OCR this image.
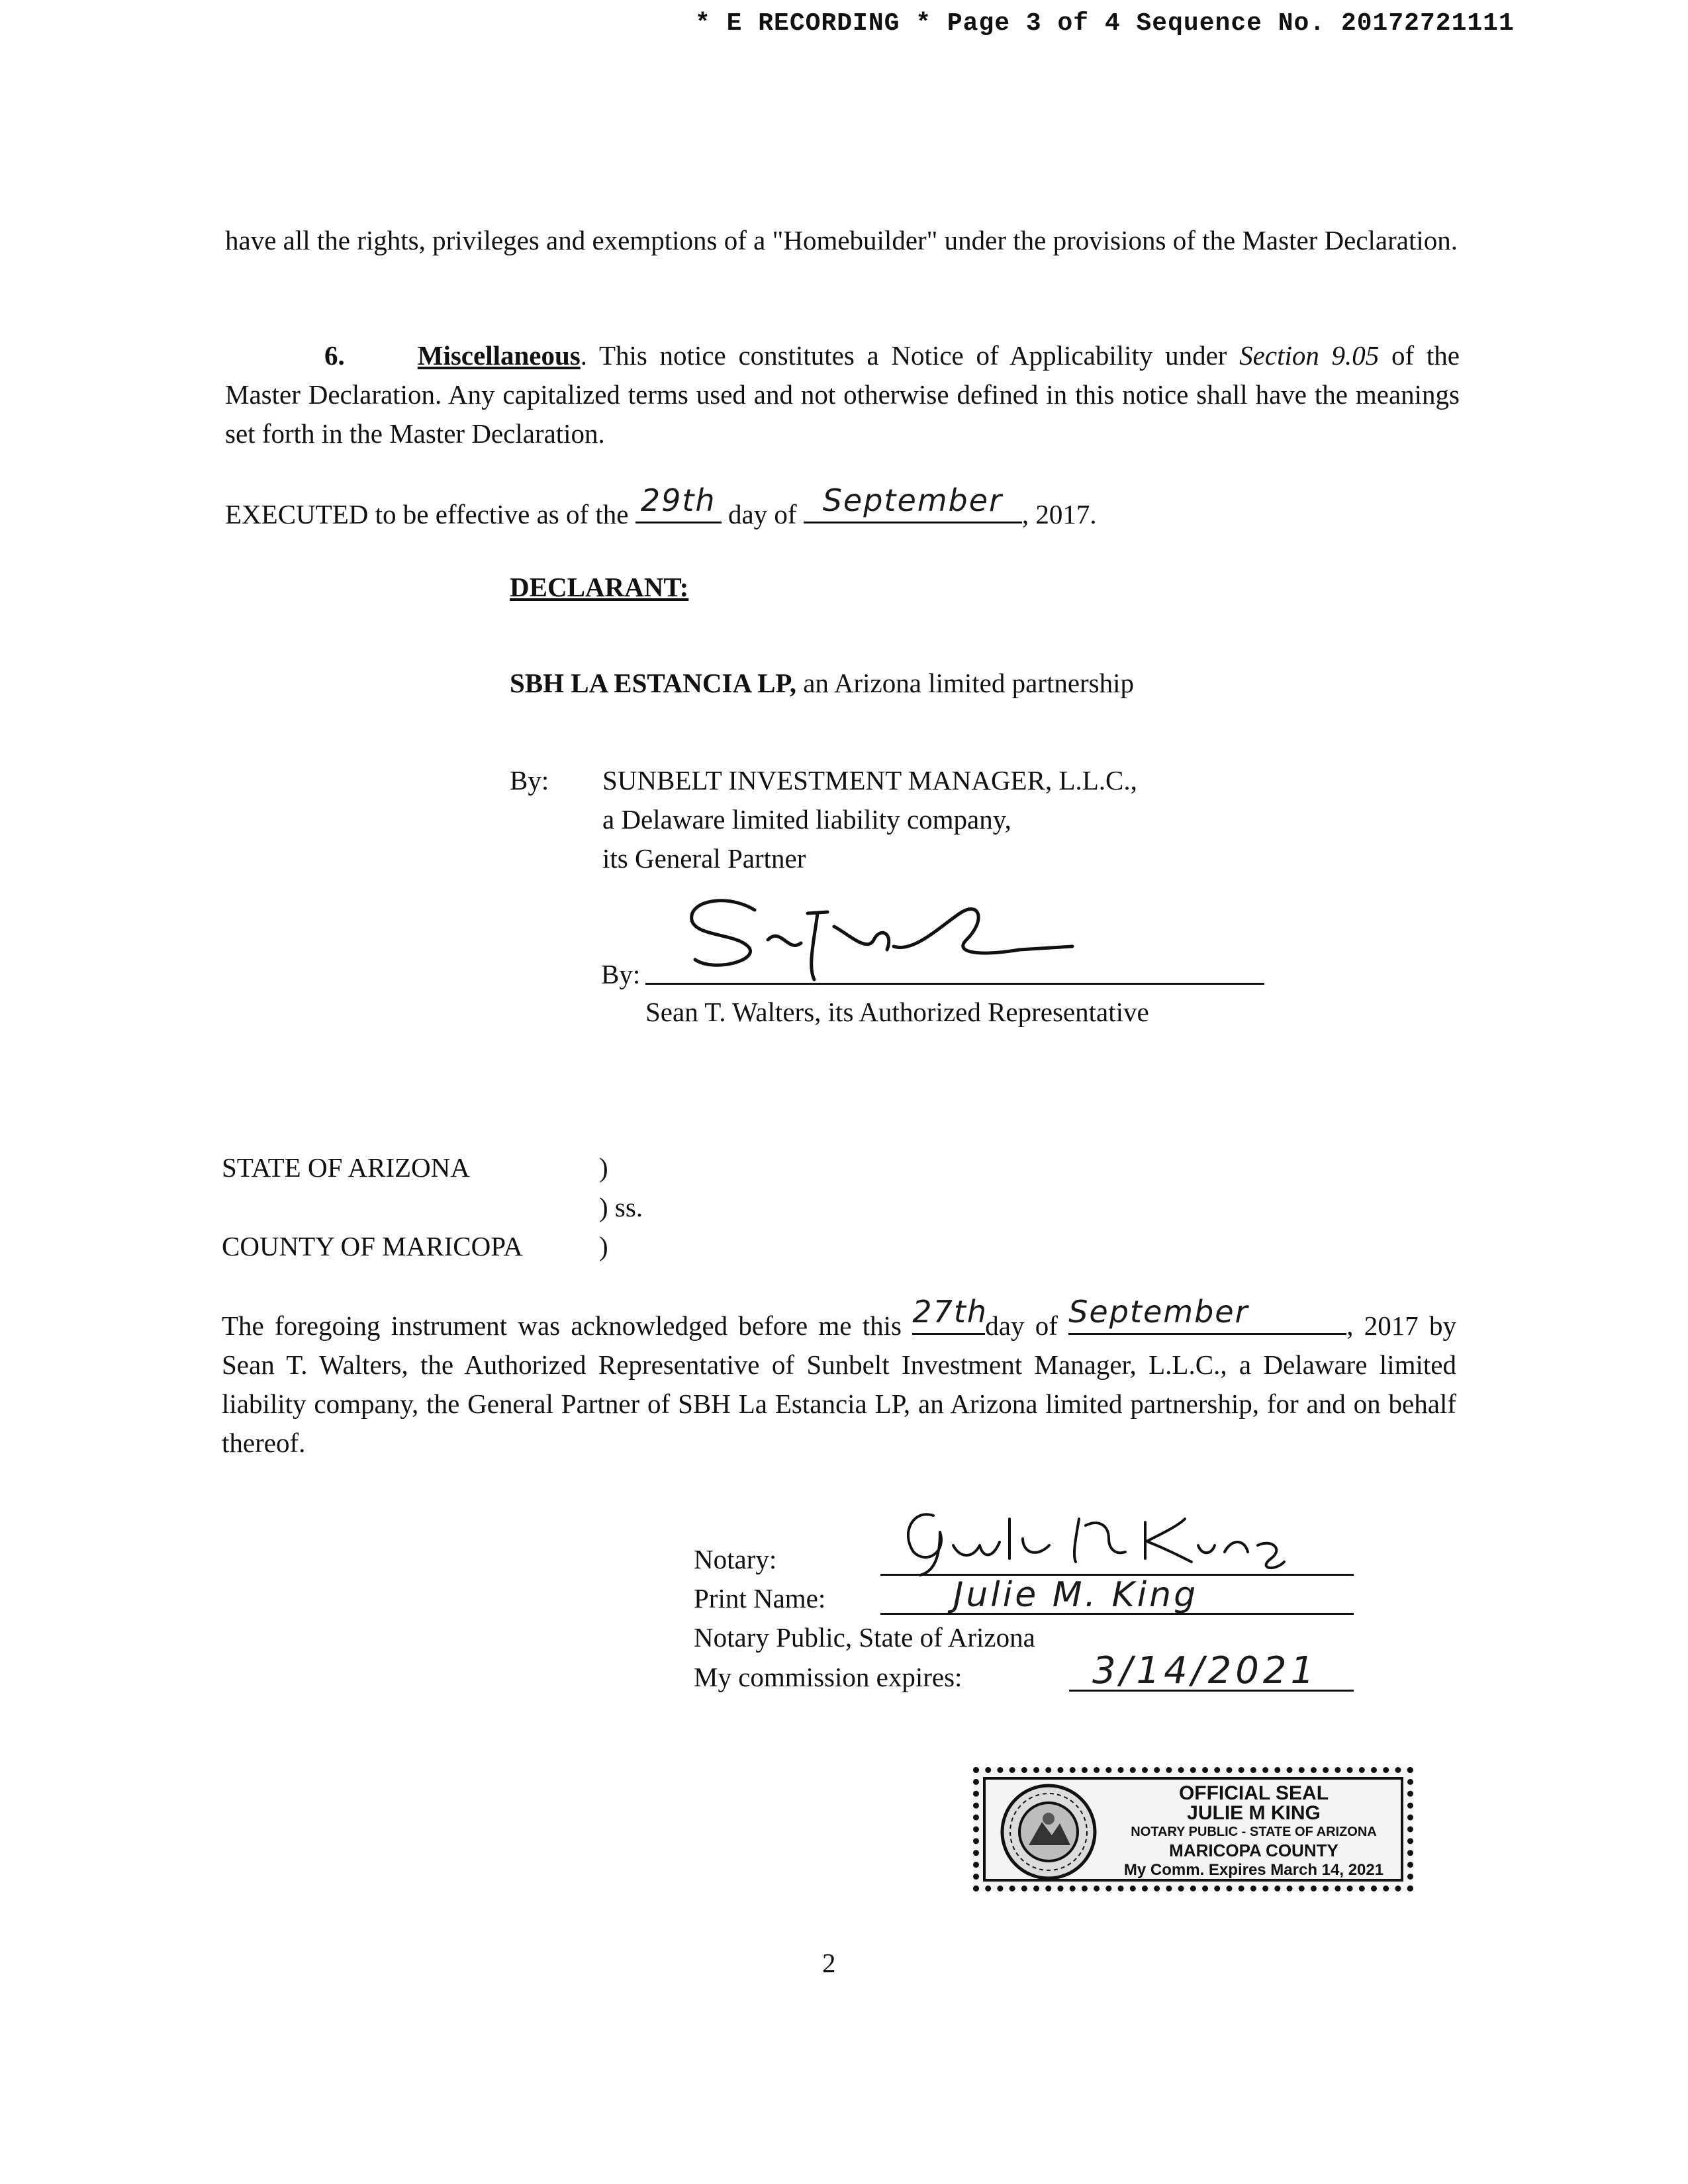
* E RECORDING * Page 3 of 4 Sequence No. 20172721111
have all the rights, privileges and exemptions of a "Homebuilder" under the provisions of the Master Declaration.
6.	Miscellaneous. This notice constitutes a Notice of Applicability under Section 9.05 of the Master Declaration. Any capitalized terms used and not otherwise defined in this notice shall have the meanings set forth in the Master Declaration.
EXECUTED to be effective as of the 29th day of September , 2017.
DECLARANT:
SBH LA ESTANCIA LP, an Arizona limited partnership
By: SUNBELT INVESTMENT MANAGER, L.L.C.,
a Delaware limited liability company,
its General Partner
By:
Sean T. Walters, its Authorized Representative
STATE OF ARIZONA	)
) ss.
COUNTY OF MARICOPA	)
The foregoing instrument was acknowledged before me this 27th
day of September	, 2017 by Sean T. Walters, the Authorized Representative of Sunbelt Investment Manager, L.L.C., a Delaware limited liability company, the General Partner of SBH La Estancia LP, an Arizona limited partnership, for and on behalf thereof.
Notary:
Print Name:	Julie M. King
Notary Public, State of Arizona
My commission expires:	3/14/2021
OFFICIAL SEAL
JULIE M KING
NOTARY PUBLIC - STATE OF ARIZONA
MARICOPA COUNTY
My Comm. Expires March 14, 2021
2
